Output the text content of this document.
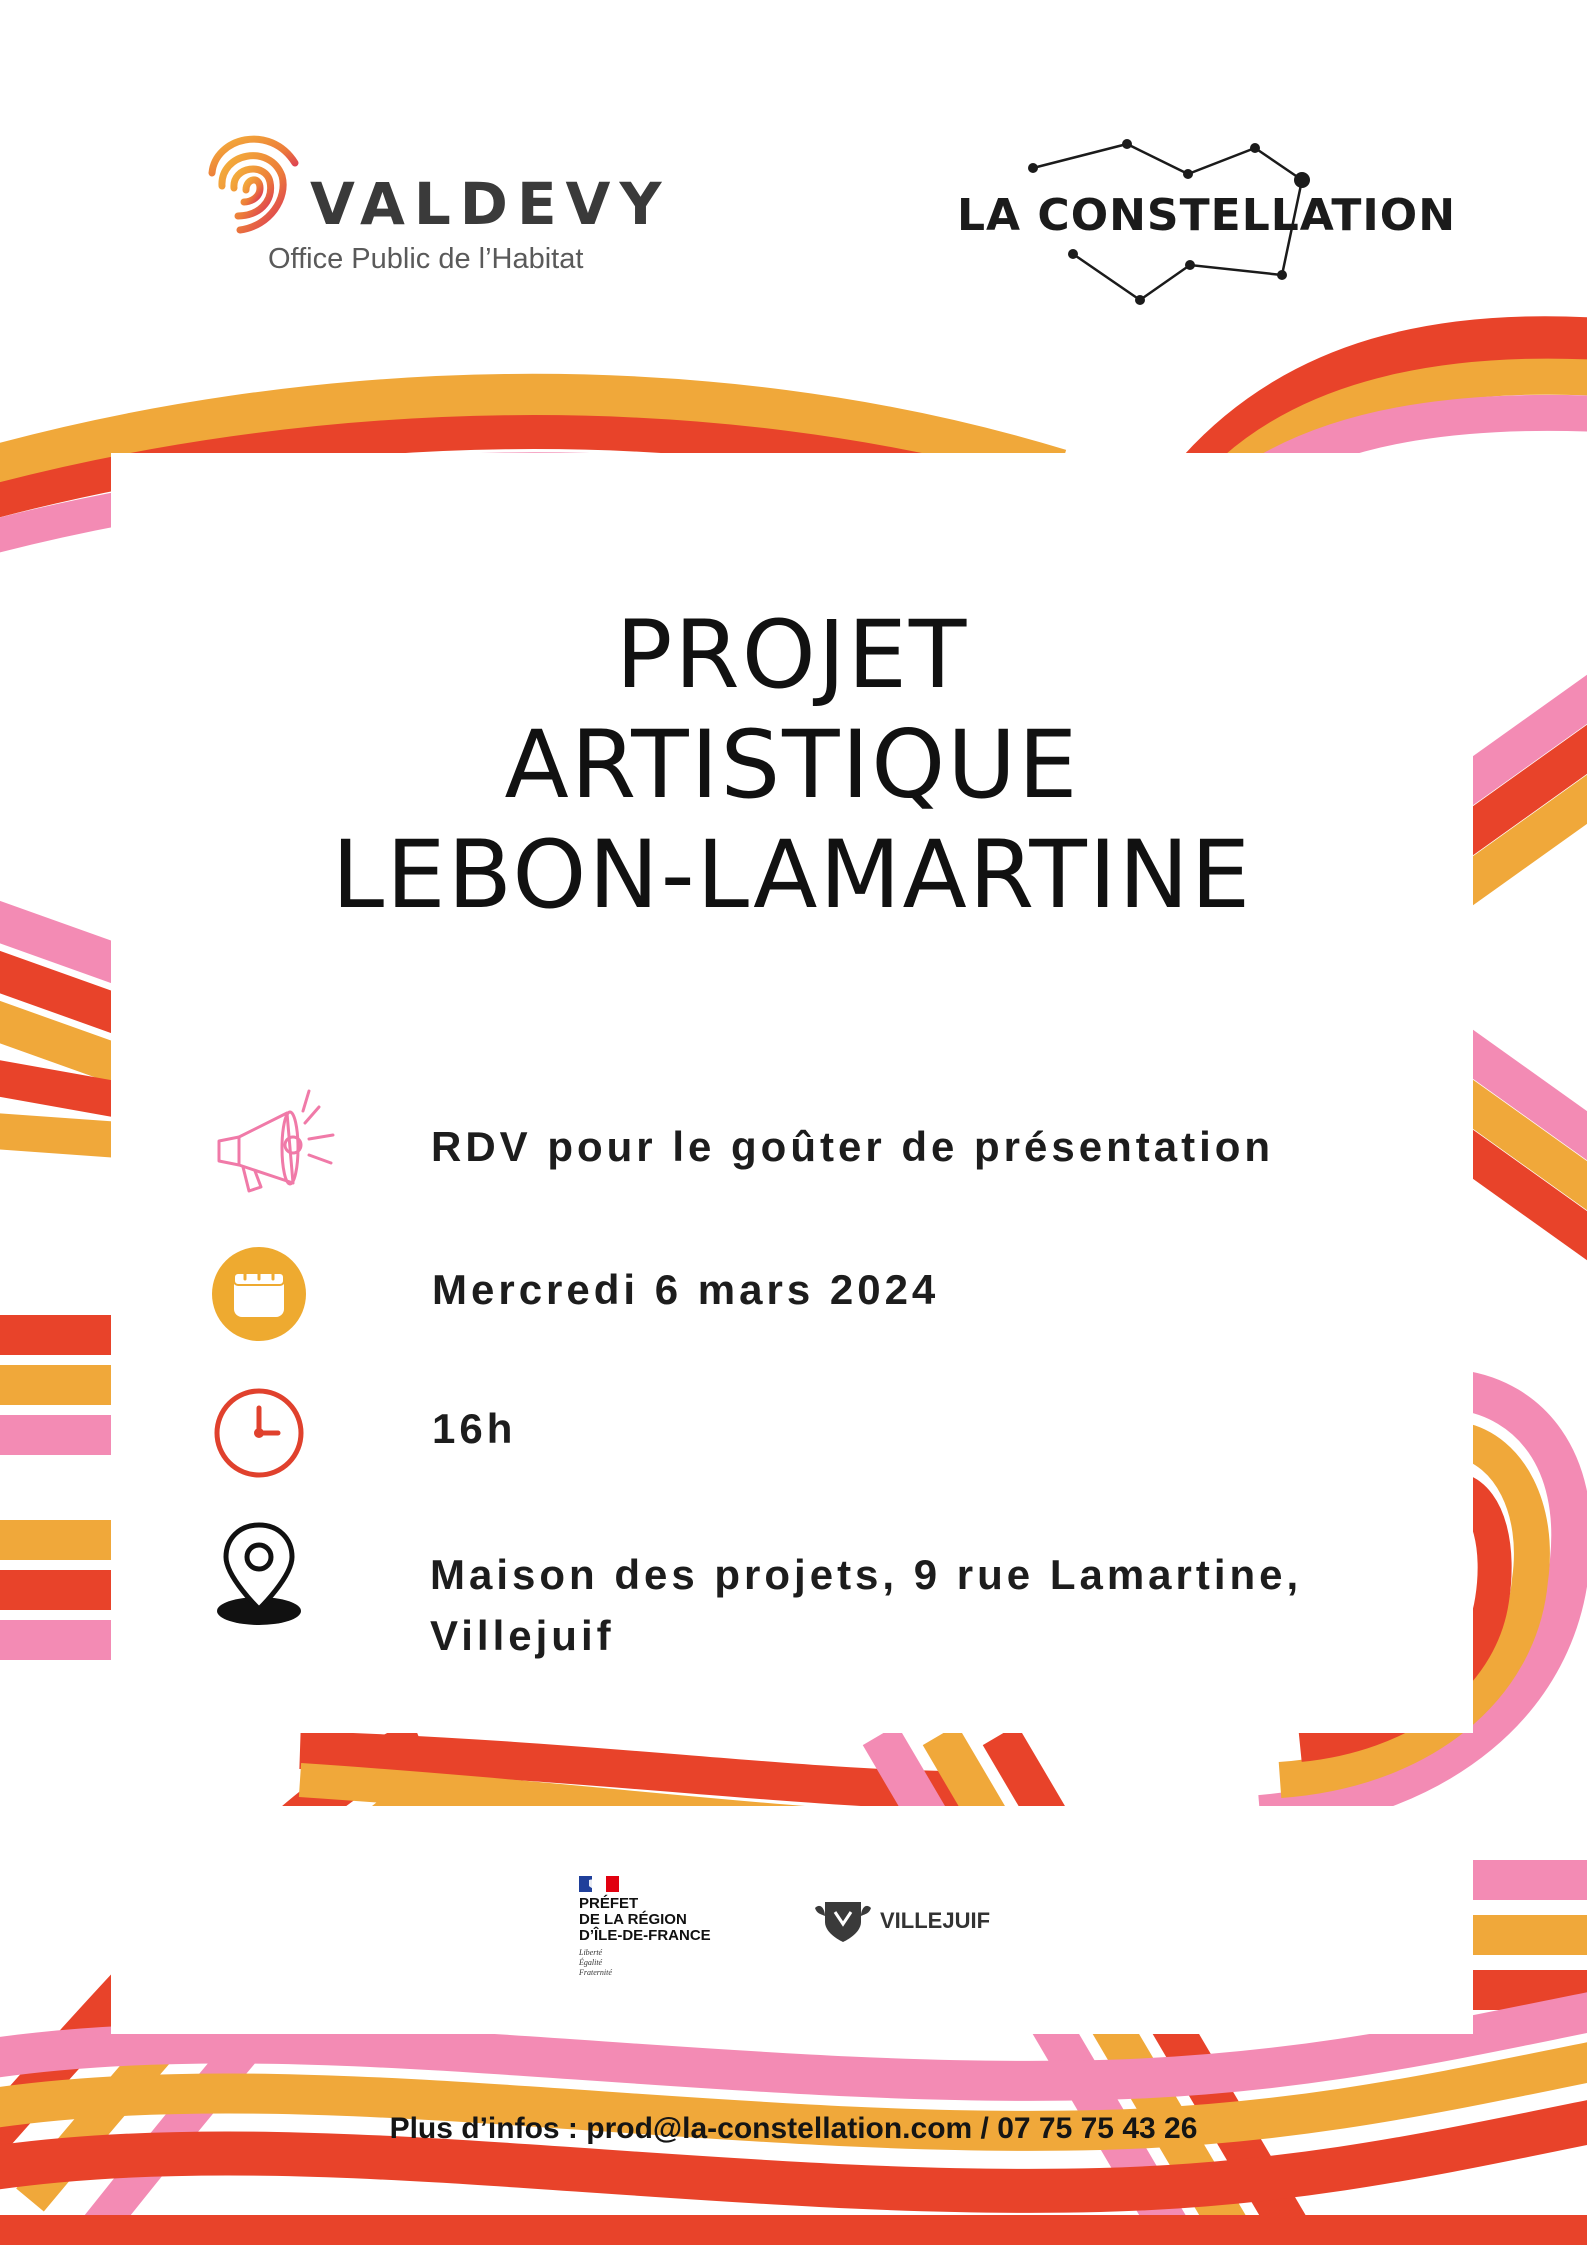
VALDEVY
Office Public de l’Habitat
LA CONSTELLATION
PROJET
ARTISTIQUE
LEBON-LAMARTINE
RDV pour le goûter de présentation
Mercredi 6 mars 2024
16h
Maison des projets, 9 rue Lamartine,
Villejuif
PRÉFET
DE LA RÉGION
D’ÎLE-DE-FRANCE
Liberté
Égalité
Fraternité
VILLEJUIF
Plus d’infos : prod@la-constellation.com / 07 75 75 43 26
